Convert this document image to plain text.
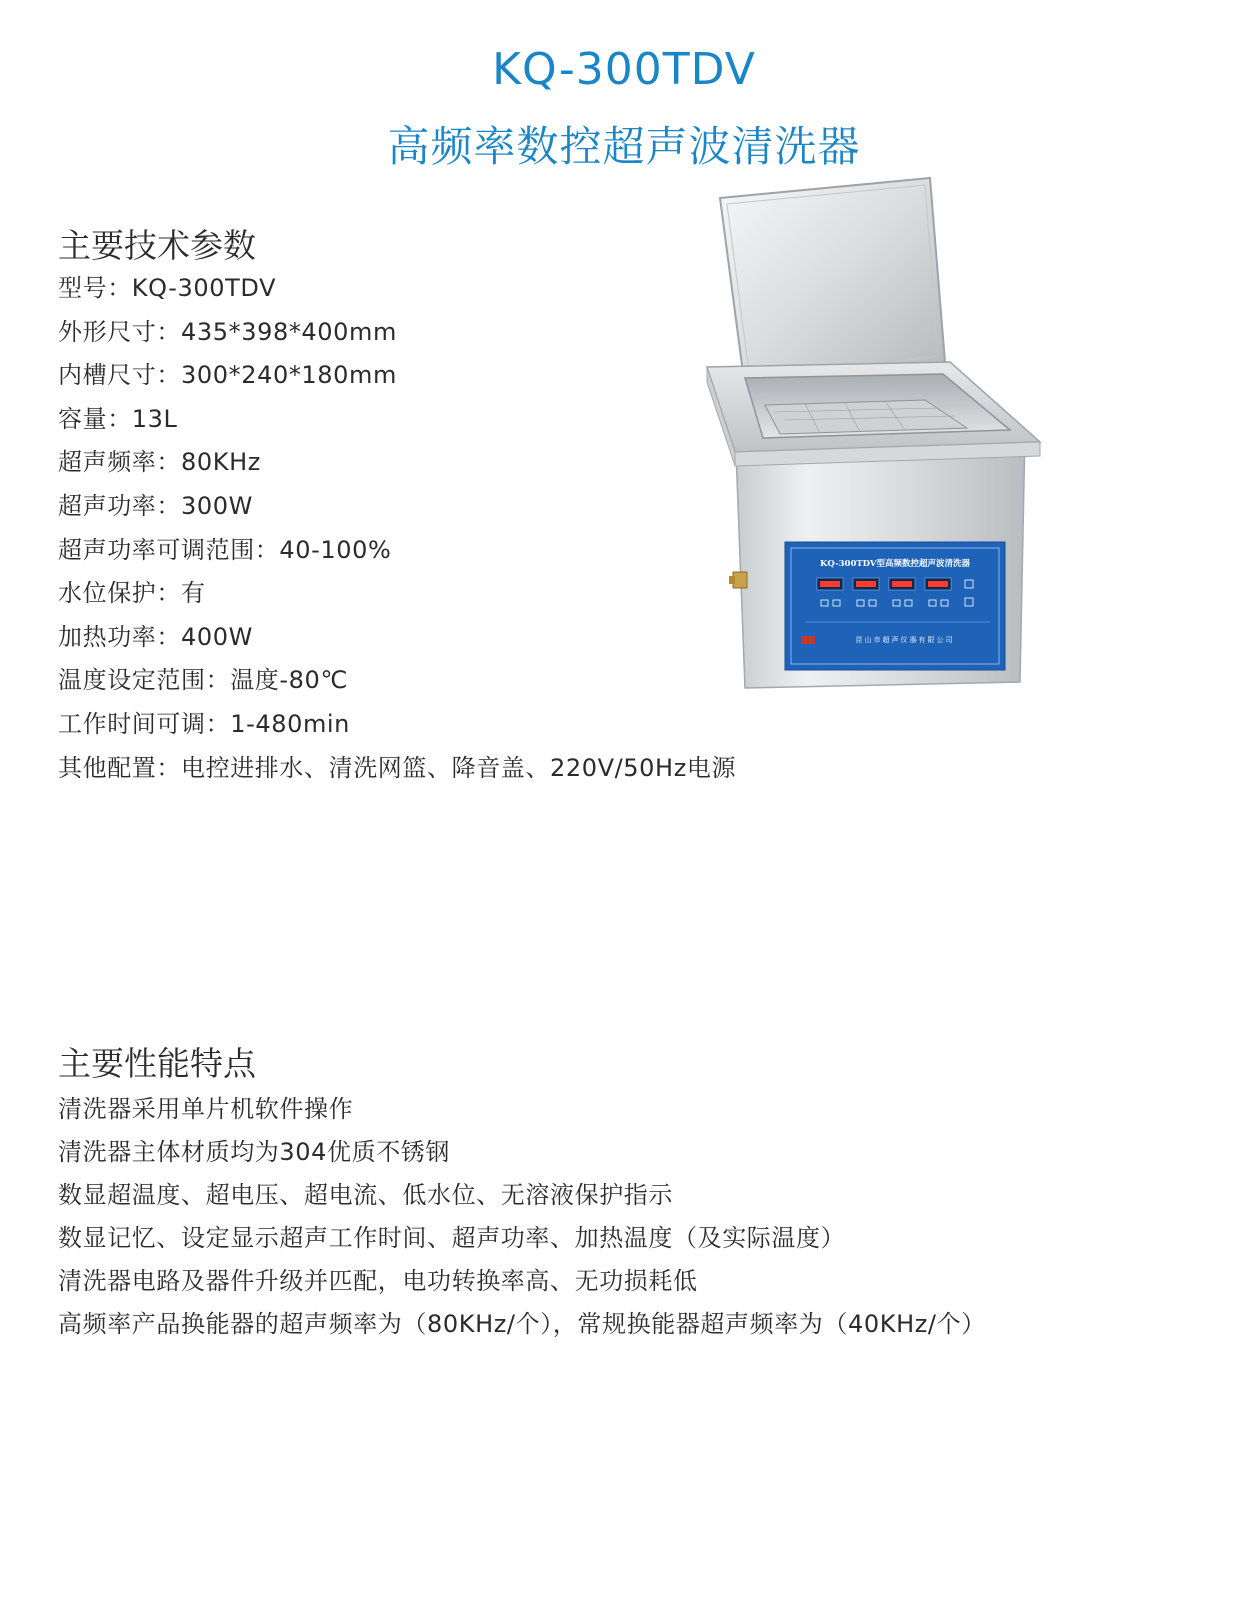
KQ-300TDV
高频率数控超声波清洗器
主要技术参数
型号：KQ-300TDV
外形尺寸：435*398*400mm
内槽尺寸：300*240*180mm
容量：13L
超声频率：80KHz
超声功率：300W
超声功率可调范围：40-100%
水位保护：有
加热功率：400W
温度设定范围：温度-80℃
工作时间可调：1-480min
其他配置：电控进排水、清洗网篮、降音盖、220V/50Hz电源
主要性能特点
清洗器采用单片机软件操作
清洗器主体材质均为304优质不锈钢
数显超温度、超电压、超电流、低水位、无溶液保护指示
数显记忆、设定显示超声工作时间、超声功率、加热温度（及实际温度）
清洗器电路及器件升级并匹配，电功转换率高、无功损耗低
高频率产品换能器的超声频率为（80KHz/个），常规换能器超声频率为（40KHz/个）
KQ-300TDV型高频数控超声波清洗器
昆山市超声仪器有限公司
